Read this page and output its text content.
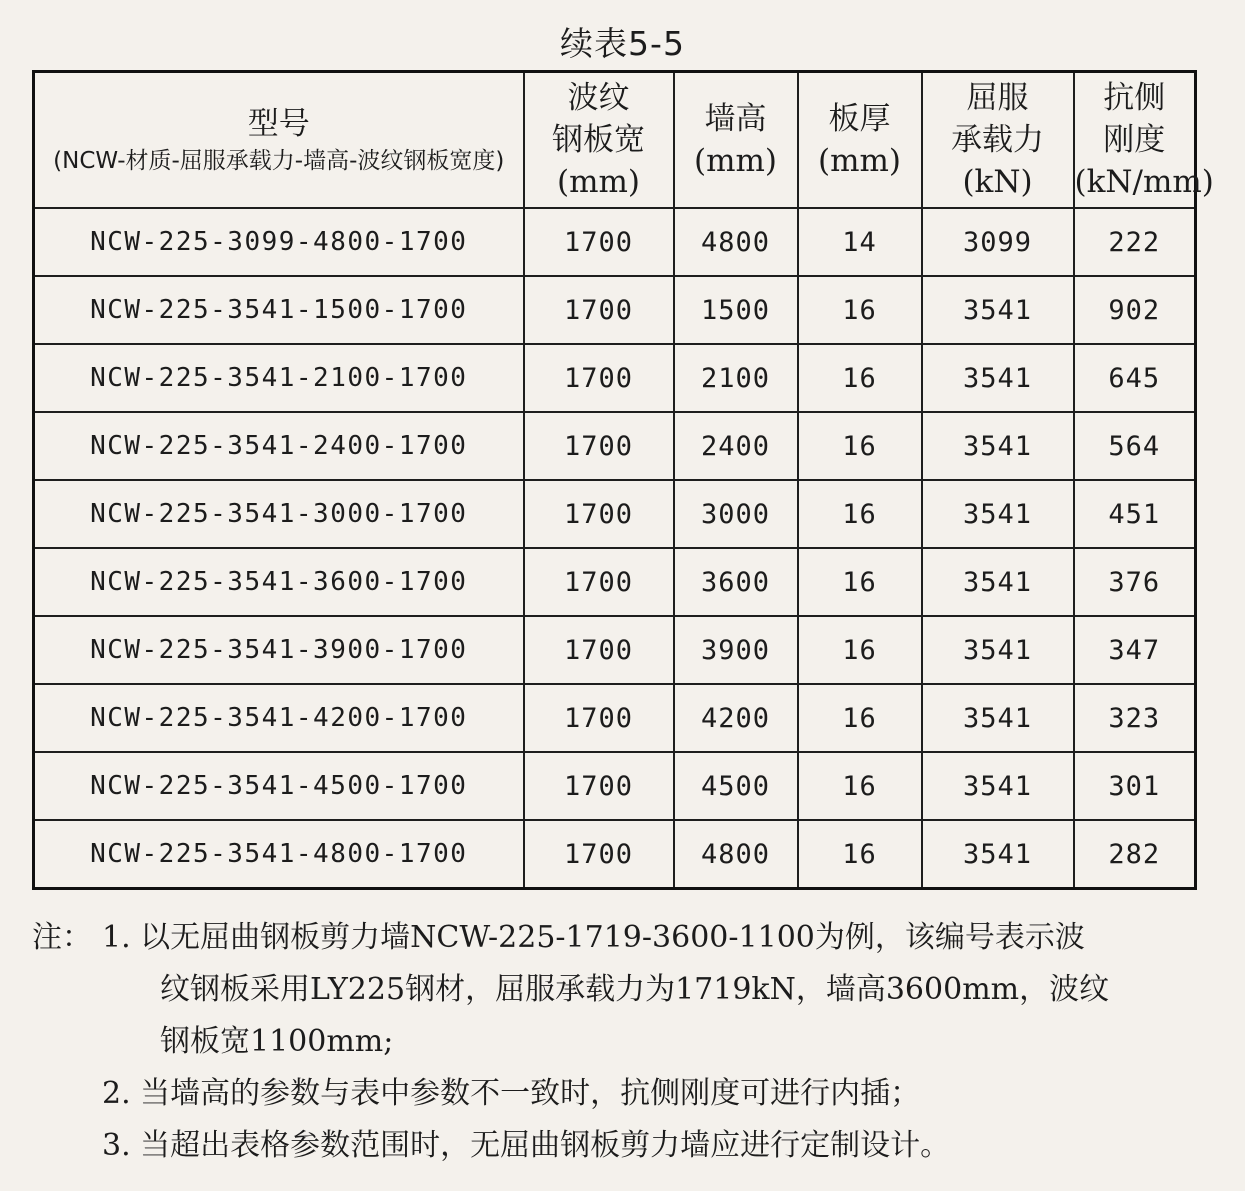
续表5-5
型号
(NCW-材质-屈服承载力-墙高-波纹钢板宽度)	波纹
钢板宽
(mm)	墙高
(mm)	板厚
(mm)	屈服
承载力
(kN)	抗侧
刚度
(kN/mm)

NCW-225-3099-4800-1700	1700	4800	14	3099	222
NCW-225-3541-1500-1700	1700	1500	16	3541	902
NCW-225-3541-2100-1700	1700	2100	16	3541	645
NCW-225-3541-2400-1700	1700	2400	16	3541	564
NCW-225-3541-3000-1700	1700	3000	16	3541	451
NCW-225-3541-3600-1700	1700	3600	16	3541	376
NCW-225-3541-3900-1700	1700	3900	16	3541	347
NCW-225-3541-4200-1700	1700	4200	16	3541	323
NCW-225-3541-4500-1700	1700	4500	16	3541	301
NCW-225-3541-4800-1700	1700	4800	16	3541	282
注： 1. 以无屈曲钢板剪力墙NCW-225-1719-3600-1100为例，该编号表示波
纹钢板采用LY225钢材，屈服承载力为1719kN，墙高3600mm，波纹
钢板宽1100mm;
2. 当墙高的参数与表中参数不一致时，抗侧刚度可进行内插；
3. 当超出表格参数范围时，无屈曲钢板剪力墙应进行定制设计。
